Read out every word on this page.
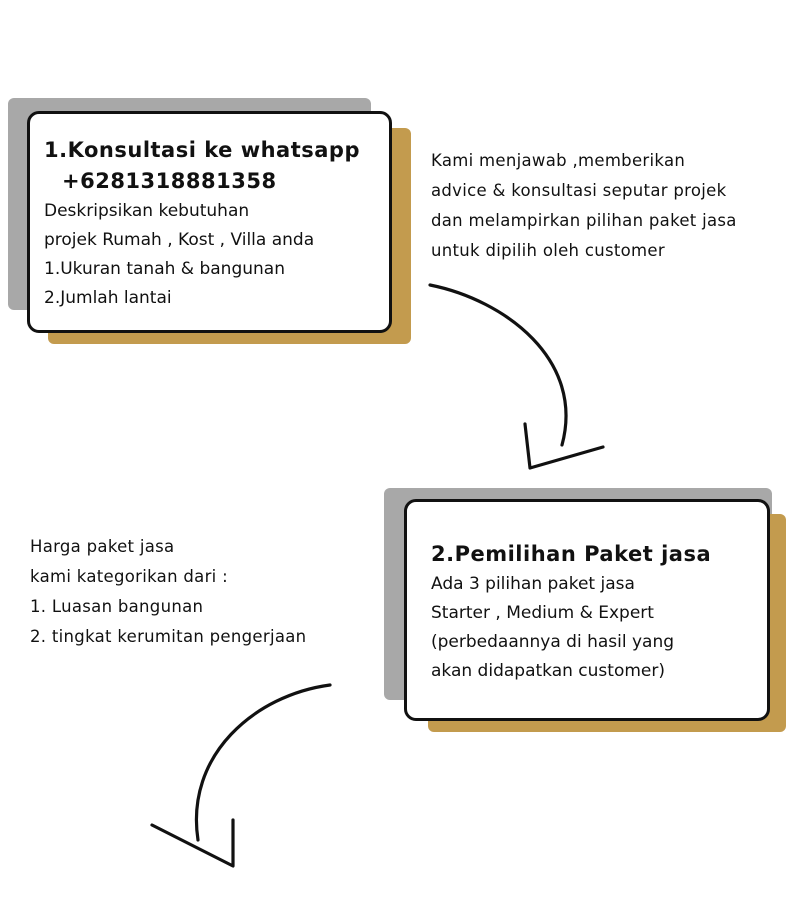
1.Konsultasi ke whatsapp
+6281318881358
Deskripsikan kebutuhan
projek Rumah , Kost , Villa anda
1.Ukuran tanah & bangunan
2.Jumlah lantai
Kami menjawab ,memberikan
advice & konsultasi seputar projek
dan melampirkan pilihan paket jasa
untuk dipilih oleh customer
2.Pemilihan Paket jasa
Ada 3 pilihan paket jasa
Starter , Medium & Expert
(perbedaannya di hasil yang
akan didapatkan customer)
Harga paket jasa
kami kategorikan dari :
1. Luasan bangunan
2. tingkat kerumitan pengerjaan
